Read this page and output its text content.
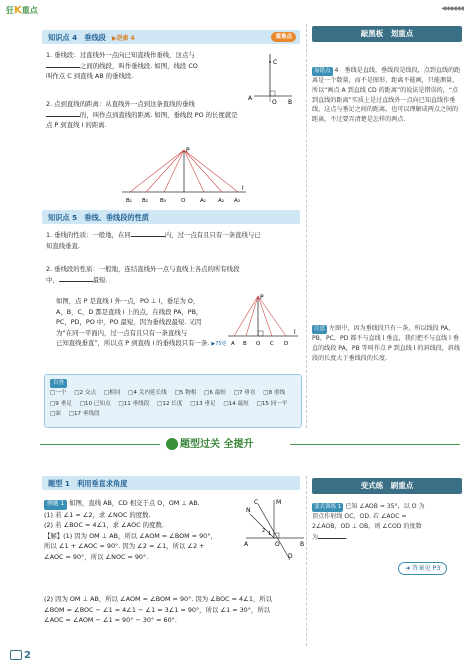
狂K重点	◀◀◀◀◀◀
知识点 4　垂线段 ▶逆索 4	重难点
1. 垂线段：过直线外一点向已知直线作垂线，这点与
之间的线段，叫作垂线段. 如图，线段 CO
叫作点 C 到直线 AB 的垂线段.
C
A
B
O
2. 点到直线的距离：从直线外一点到这条直线的垂线
的，叫作点到直线的距离. 如图，垂线段 PO 的长度就是
点 P 到直线 l 的距离.
P
l
B₁ B₂ B₃	O	A₁ A₂ A₃
知识点 5　垂线、垂线段的性质
1. 垂线的性质：一般地，在同	内，过一点有且只有一条直线与已
知直线垂直.
2. 垂线段的性质：一般地，连结直线外一点与直线上各点的所有线段
中，	最短.
如图，点 P 是直线 l 外一点，PO ⊥ l，垂足为 O，
A，B，C，D 都是直线 l 上的点，在线段 PA，PB，
PC，PD，PO 中，PO 最短，因为垂线段最短. 又因
为“在同一平面内，过一点有且只有一条直线与
已知直线垂直”，所以点 P 到直线 l 的垂线段只有一条. ▶75逆
P
A B O C D
l
自查
□一个 □2 交点 □相同 □4 关内延长线 □5 物相 □6 最短 □7 垂直 □8 重线
□9 垂足 □10 已知点 □11 垂线段 □12 长度 □13 垂足 □14 最短 □15 同一平
□面 □17 垂线段
敲黑板　划重点
易错点 4　垂线是直线，垂线段是线段，点到直线的距离是一个数量，而不是图形，距离不能画，只能测量，所以“画点 A 到直线 CD 的距离”的说法是错误的，“点到直线的距离”实质上是过直线外一点向已知直线作垂线，这点与垂足之间的距离，也可以理解成两点之间的距离，不过要弄清楚是怎样的两点.
注意 左图中，因为垂线段只有一条，所以线段 PA，PB，PC，PD 都不与直线 l 垂直，我们把不与直线 l 垂直的线段 PA，PB 等叫作点 P 到直线 l 的斜线段，斜线段的长度大于垂线段的长度.
题型过关 全提升
题型 1　利用垂直求角度
例题 1 如图，直线 AB，CD 相交于点 O，OM ⊥ AB.
(1) 若 ∠1 = ∠2，求 ∠NOC 的度数.
(2) 若 ∠BOC = 4∠1，求 ∠AOC 的度数.
【解】(1) 因为 OM ⊥ AB，所以 ∠AOM = ∠BOM = 90°，
所以 ∠1 + ∠AOC = 90°. 因为 ∠2 = ∠1，所以 ∠2 +
∠AOC = 90°，所以 ∠NOC = 90°.
M
N
C
A	B
D
O
1
2
(2) 因为 OM ⊥ AB，所以 ∠AOM = ∠BOM = 90°. 因为 ∠BOC = 4∠1，所以
∠BOM = ∠BOC − ∠1 = 4∠1 − ∠1 = 3∠1 = 90°，所以 ∠1 = 30°，所以
∠AOC = ∠AOM − ∠1 = 90° − 30° = 60°.
变式练　刷重点
变式训练 1 已知 ∠AOB = 35°，以 O 为
顶点作射线 OC，OD. 若 ∠AOC =
2∠AOB，OD ⊥ OB，则 ∠COD 的度数
为	.
➜ 答案见 P3
2
